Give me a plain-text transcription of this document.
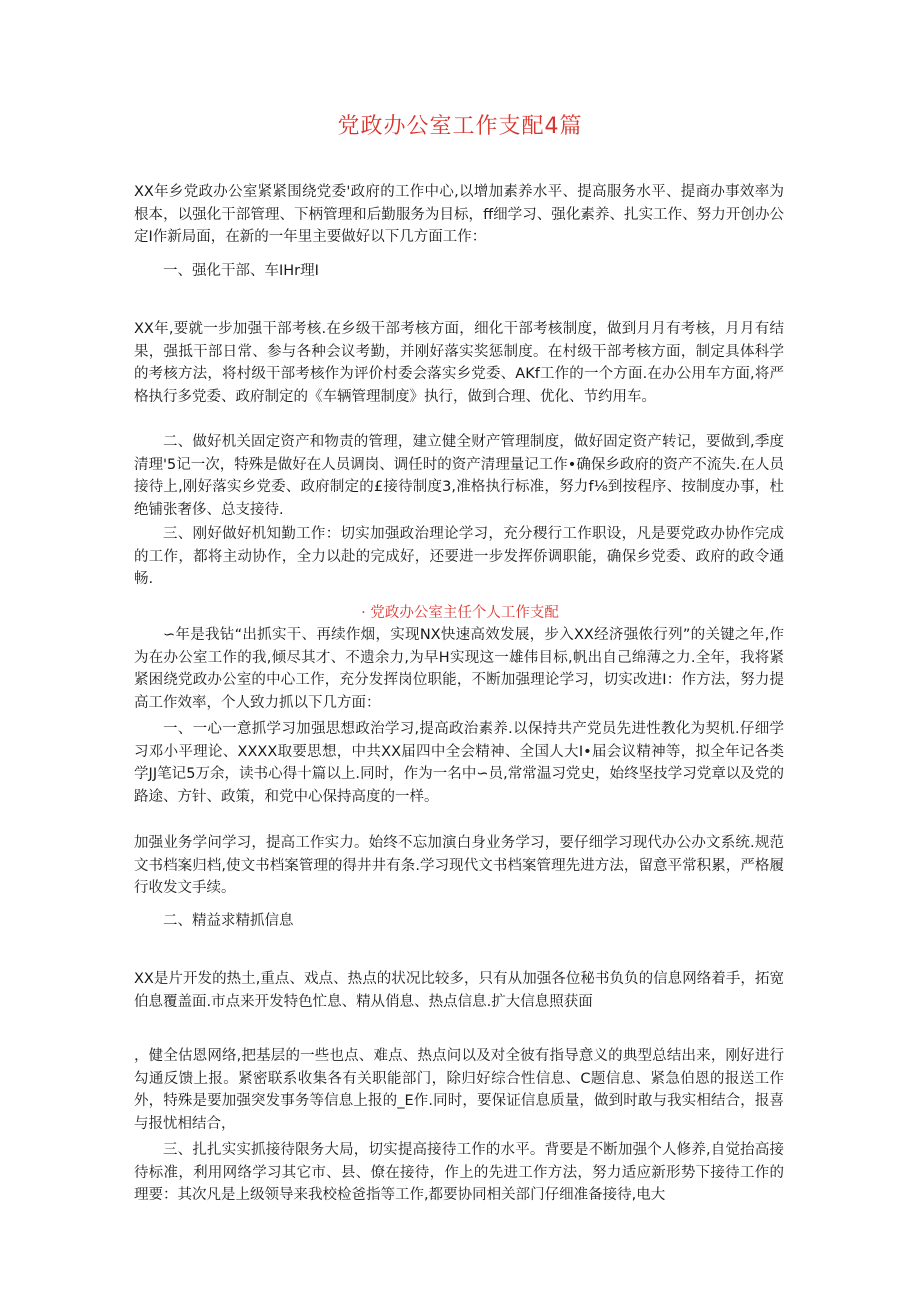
党政办公室工作支配4篇

XX年乡党政办公室紧紧围绕党委'政府的工作中心,以增加素养水平、提高服务水平、提商办事效率为根本，以强化干部管理、下柄管理和后勤服务为目标，ff细学习、强化素养、扎实工作、努力开创办公定I作新局面，在新的一年里主要做好以下几方面工作：

一、强化干部、车IHr理I

XX年,要就一步加强干部考核.在乡级干部考核方面，细化干部考核制度，做到月月有考核，月月有结果，强抵干部日常、参与各种会议考勤，并刚好落实奖惩制度。在村级干部考核方面，制定具体科学的考核方法，将村级干部考核作为评价村委会落实乡党委、AKf工作的一个方面.在办公用车方面,将严格执行多党委、政府制定的《车辆管理制度》执行，做到合理、优化、节约用车。

二、做好机关固定资产和物责的管理，建立健全财产管理制度，做好固定资产转记，要做到,季度清理'5记一次，特殊是做好在人员调岗、调任时的资产清理量记工作•确保乡政府的资产不流失.在人员接待上,刚好落实乡党委、政府制定的£接待制度3,准格执行标准，努力f⅛到按程序、按制度办事，杜绝铺张奢侈、总支接待.

三、刚好做好机知勤工作：切实加强政治理论学习，充分稷行工作职设，凡是要党政办协作完成的工作，都将主动协作，全力以赴的完成好，还要进一步发挥侨调职能，确保乡党委、政府的政令通畅.

· 党政办公室主任个人工作支配

∽年是我钻“出抓实干、再续作烟，实现NX快速高效发展，步入XX经济强侬行列”的关键之年,作为在办公室工作的我,倾尽其才、不遗余力,为早H实现这一雄伟目标,帆出自己绵薄之力.全年，我将紧紧困绕党政办公室的中心工作，充分发挥岗位职能，不断加强理论学习，切实改进I：作方法，努力提高工作效率，个人致力抓以下几方面：

一、一心一意抓学习加强思想政治学习,提高政治素养.以保持共产党员先进性教化为契机.仔细学习邓小平理论、XXXX取要思想，中共XX届四中全会精神、全国人大I•届会议精神等，拟全年记各类学JJ笔记5万余，读书心得十篇以上.同时，作为一名中∽员,常常温习党史，始终坚技学习党章以及党的路途、方针、政策，和党中心保持高度的一样。

加强业务学问学习，提高工作实力。始终不忘加演白身业务学习，要仔细学习现代办公办文系统.规范文书档案归档,使文书档案管理的得井井有条.学习现代文书档案管理先进方法，留意平常积累，严格履行收发文手续。

二、精益求精抓信息

XX是片开发的热土,重点、戏点、热点的状况比较多，只有从加强各位秘书负负的信息网络着手，拓宽伯息覆盖面.市点来开发特色忙息、精从俏息、热点信息.扩大信息照获面

，健全估恩网络,把基层的一些也点、难点、热点问以及对全彼有指导意义的典型总结出来，刚好进行勾通反馈上报。紧密联系收集各有关职能部门，除归好综合性信息、C题信息、紧急伯恩的报送工作外，特殊是要加强突发事务等信息上报的_E作.同时，要保证信息质量，做到时敢与我实相结合，报喜与报忧相结合，

三、扎扎实实抓接待限务大局，切实提高接待工作的水平。背要是不断加强个人修养,自觉抬高接待标准，利用网络学习其它市、县、僚在接待，作上的先进工作方法，努力适应新形势下接待工作的理要：其次凡是上级领导来我校检爸指等工作,都要协同相关部门仔细准备接待,电大
